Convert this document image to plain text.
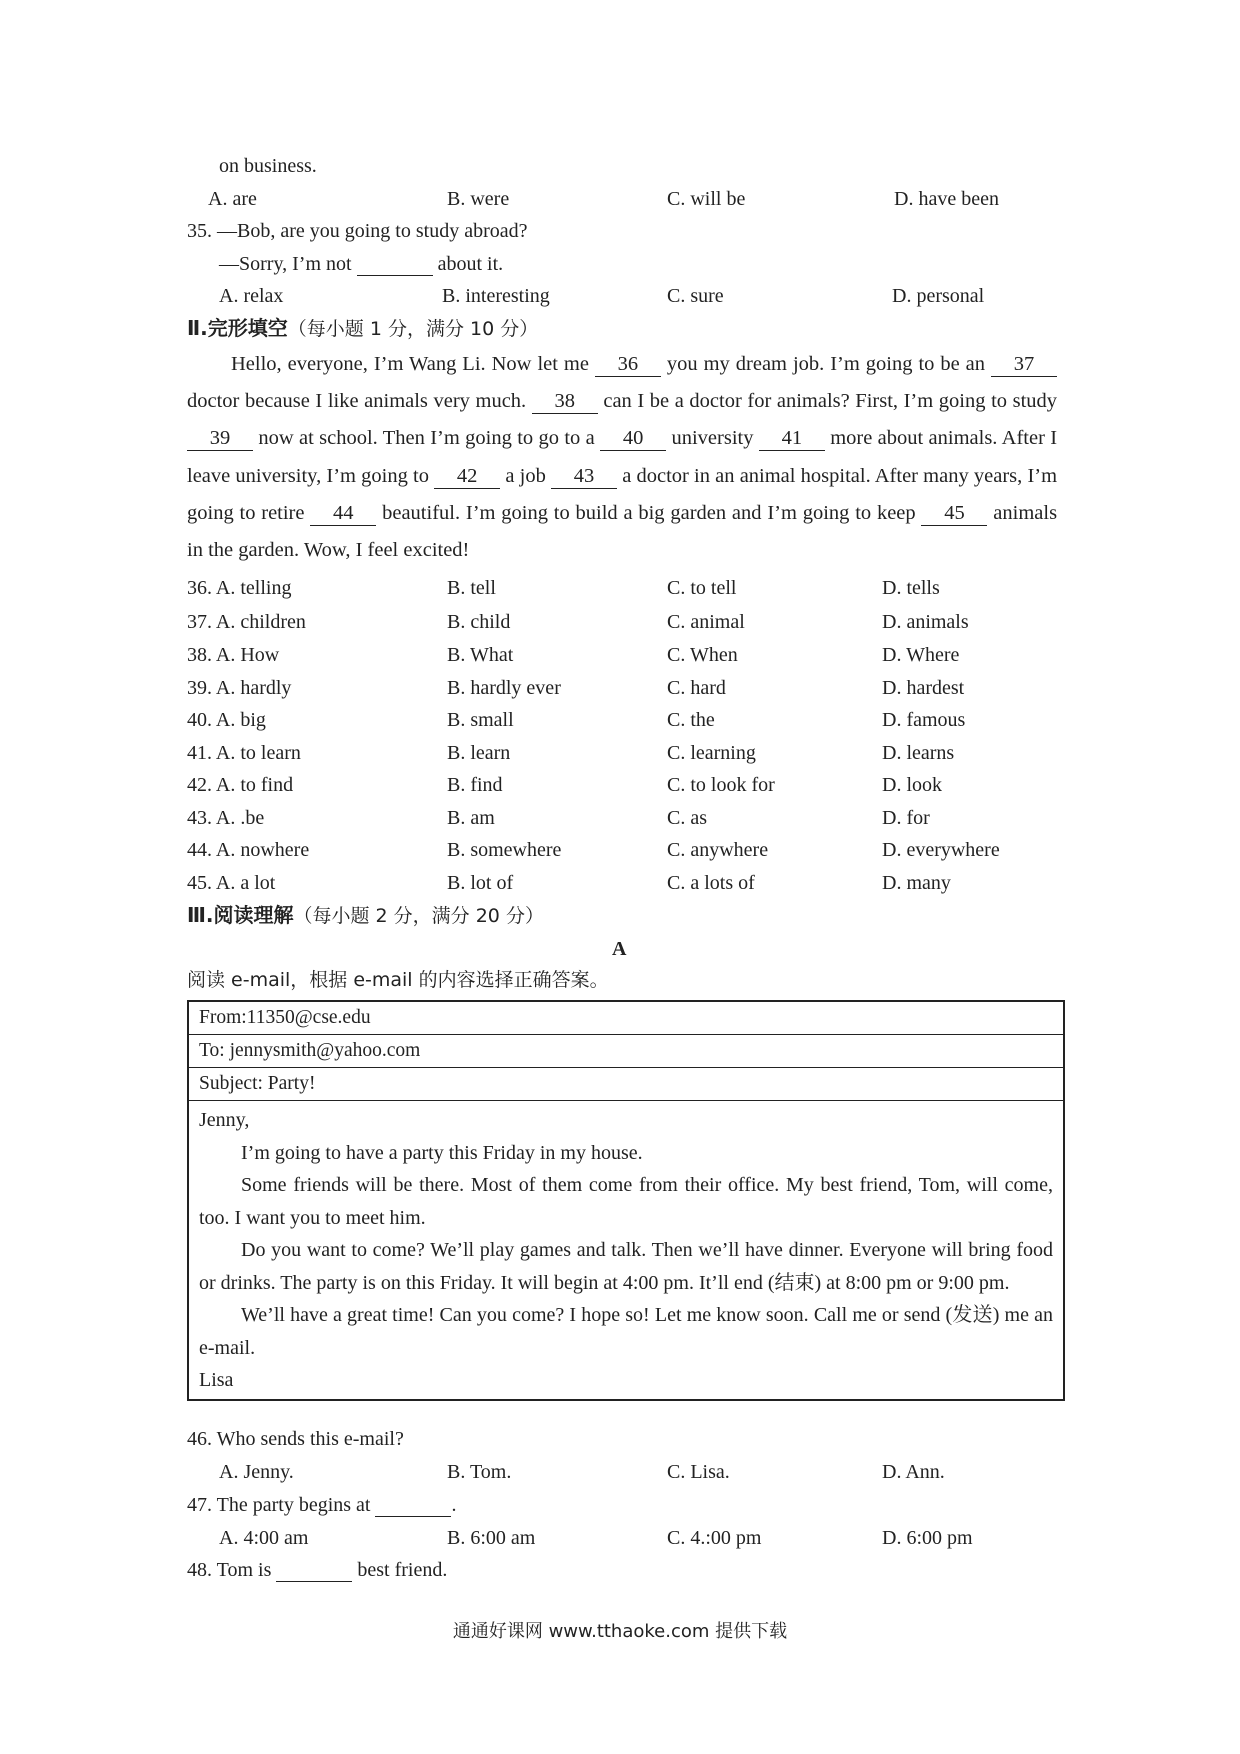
on business.
A. are	B. were	C. will be	D. have been
35. —Bob, are you going to study abroad?
—Sorry, I’m not	about it.
A. relax	B. interesting	C. sure	D. personal
Ⅱ.完形填空（每小题 1 分，满分 10 分）
Hello, everyone, I’m Wang Li. Now let me 36 you my dream job. I’m going to be an 37 doctor because I like animals very much. 38 can I be a doctor for animals? First, I’m going to study 39 now at school. Then I’m going to go to a 40 university 41 more about animals. After I leave university, I’m going to 42 a job 43 a doctor in an animal hospital. After many years, I’m going to retire 44 beautiful. I’m going to build a big garden and I’m going to keep 45 animals in the garden. Wow, I feel excited!
36. A. telling	B. tell	C. to tell	D. tells
37. A. children	B. child	C. animal	D. animals
38. A. How	B. What	C. When	D. Where
39. A. hardly	B. hardly ever	C. hard	D. hardest
40. A. big	B. small	C. the	D. famous
41. A. to learn	B. learn	C. learning	D. learns
42. A. to find	B. find	C. to look for	D. look
43. A. .be	B. am	C. as	D. for
44. A. nowhere	B. somewhere	C. anywhere	D. everywhere
45. A. a lot	B. lot of	C. a lots of	D. many
Ⅲ.阅读理解（每小题 2 分，满分 20 分）
A
阅读 e-mail，根据 e-mail 的内容选择正确答案。
From:11350@cse.edu
To: jennysmith@yahoo.com
Subject: Party!
Jenny,
I’m going to have a party this Friday in my house.
Some friends will be there. Most of them come from their office. My best friend, Tom, will come, too. I want you to meet him.
Do you want to come? We’ll play games and talk. Then we’ll have dinner. Everyone will bring food or drinks. The party is on this Friday. It will begin at 4:00 pm. It’ll end (结束) at 8:00 pm or 9:00 pm.
We’ll have a great time! Can you come? I hope so! Let me know soon. Call me or send (发送) me an e-mail.
Lisa
46. Who sends this e-mail?
A. Jenny.	B. Tom.	C. Lisa.	D. Ann.
47. The party begins at	.
A. 4:00 am	B. 6:00 am	C. 4.:00 pm	D. 6:00 pm
48. Tom is	best friend.
通通好课网 www.tthaoke.com 提供下载
